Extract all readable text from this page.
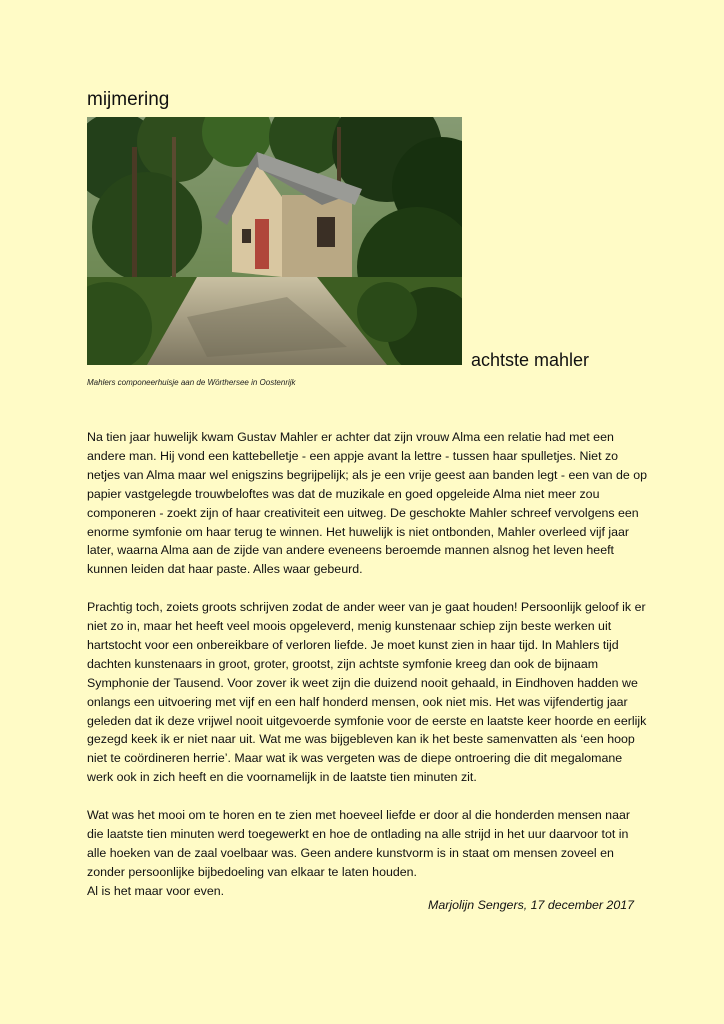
mijmering
achtste mahler

Mahlers componeerhuisje aan de Wörthersee in Oostenrijk

Na tien jaar huwelijk kwam Gustav Mahler er achter dat zijn vrouw Alma een relatie had met een andere man. Hij vond een kattebelletje - een appje avant la lettre - tussen haar spulletjes. Niet zo netjes van Alma maar wel enigszins begrijpelijk; als je een vrije geest aan banden legt - een van de op papier vastgelegde trouwbeloftes was dat de muzikale en goed opgeleide Alma niet meer zou componeren - zoekt zijn of haar creativiteit een uitweg. De geschokte Mahler schreef vervolgens een enorme symfonie om haar terug te winnen. Het huwelijk is niet ontbonden, Mahler overleed vijf jaar later, waarna Alma aan de zijde van andere eveneens beroemde mannen alsnog het leven heeft kunnen leiden dat haar paste. Alles waar gebeurd.

Prachtig toch, zoiets groots schrijven zodat de ander weer van je gaat houden! Persoonlijk geloof ik er niet zo in, maar het heeft veel moois opgeleverd, menig kunstenaar schiep zijn beste werken uit hartstocht voor een onbereikbare of verloren liefde. Je moet kunst zien in haar tijd. In Mahlers tijd dachten kunstenaars in groot, groter, grootst, zijn achtste symfonie kreeg dan ook de bijnaam Symphonie der Tausend. Voor zover ik weet zijn die duizend nooit gehaald, in Eindhoven hadden we onlangs een uitvoering met vijf en een half honderd mensen, ook niet mis. Het was vijfendertig jaar geleden dat ik deze vrijwel nooit uitgevoerde symfonie voor de eerste en laatste keer hoorde en eerlijk gezegd keek ik er niet naar uit. Wat me was bijgebleven kan ik het beste samenvatten als ‘een hoop niet te coördineren herrie’. Maar wat ik was vergeten was de diepe ontroering die dit megalomane werk ook in zich heeft en die voornamelijk in de laatste tien minuten zit.

Wat was het mooi om te horen en te zien met hoeveel liefde er door al die honderden mensen naar die laatste tien minuten werd toegewerkt en hoe de ontlading na alle strijd in het uur daarvoor tot in alle hoeken van de zaal voelbaar was. Geen andere kunstvorm is in staat om mensen zoveel en zonder persoonlijke bijbedoeling van elkaar te laten houden.

Al is het maar voor even.

Marjolijn Sengers, 17 december 2017
